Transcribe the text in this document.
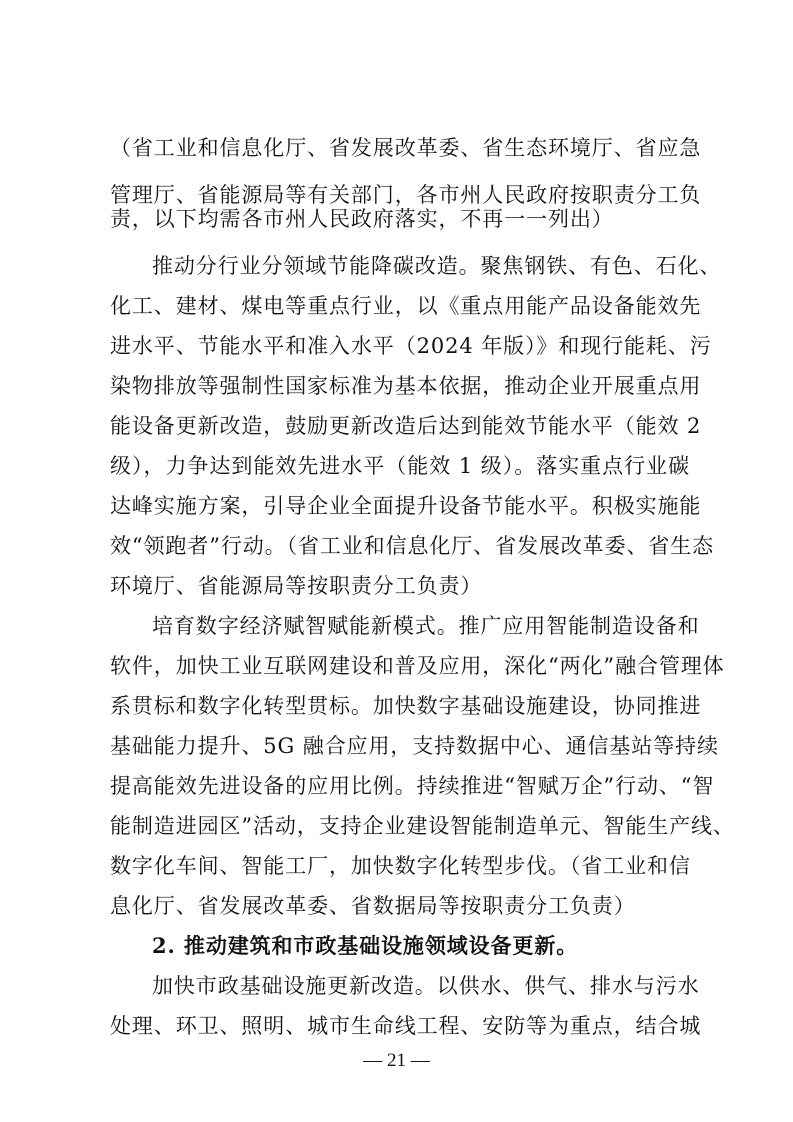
（省工业和信息化厅、省发展改革委、省生态环境厅、省应急
管理厅、省能源局等有关部门，各市州人民政府按职责分工负
责，以下均需各市州人民政府落实，不再一一列出）
推动分行业分领域节能降碳改造。聚焦钢铁、有色、石化、
化工、建材、煤电等重点行业，以《重点用能产品设备能效先
进水平、节能水平和准入水平（2024 年版）》和现行能耗、污
染物排放等强制性国家标准为基本依据，推动企业开展重点用
能设备更新改造，鼓励更新改造后达到能效节能水平（能效 2
级），力争达到能效先进水平（能效 1 级）。落实重点行业碳
达峰实施方案，引导企业全面提升设备节能水平。积极实施能
效“领跑者”行动。（省工业和信息化厅、省发展改革委、省生态
环境厅、省能源局等按职责分工负责）
培育数字经济赋智赋能新模式。推广应用智能制造设备和
软件，加快工业互联网建设和普及应用，深化“两化”融合管理体
系贯标和数字化转型贯标。加快数字基础设施建设，协同推进
基础能力提升、5G 融合应用，支持数据中心、通信基站等持续
提高能效先进设备的应用比例。持续推进“智赋万企”行动、“智
能制造进园区”活动，支持企业建设智能制造单元、智能生产线、
数字化车间、智能工厂，加快数字化转型步伐。（省工业和信
息化厅、省发展改革委、省数据局等按职责分工负责）
2. 推动建筑和市政基础设施领域设备更新。
加快市政基础设施更新改造。以供水、供气、排水与污水
处理、环卫、照明、城市生命线工程、安防等为重点，结合城
— 21 —
